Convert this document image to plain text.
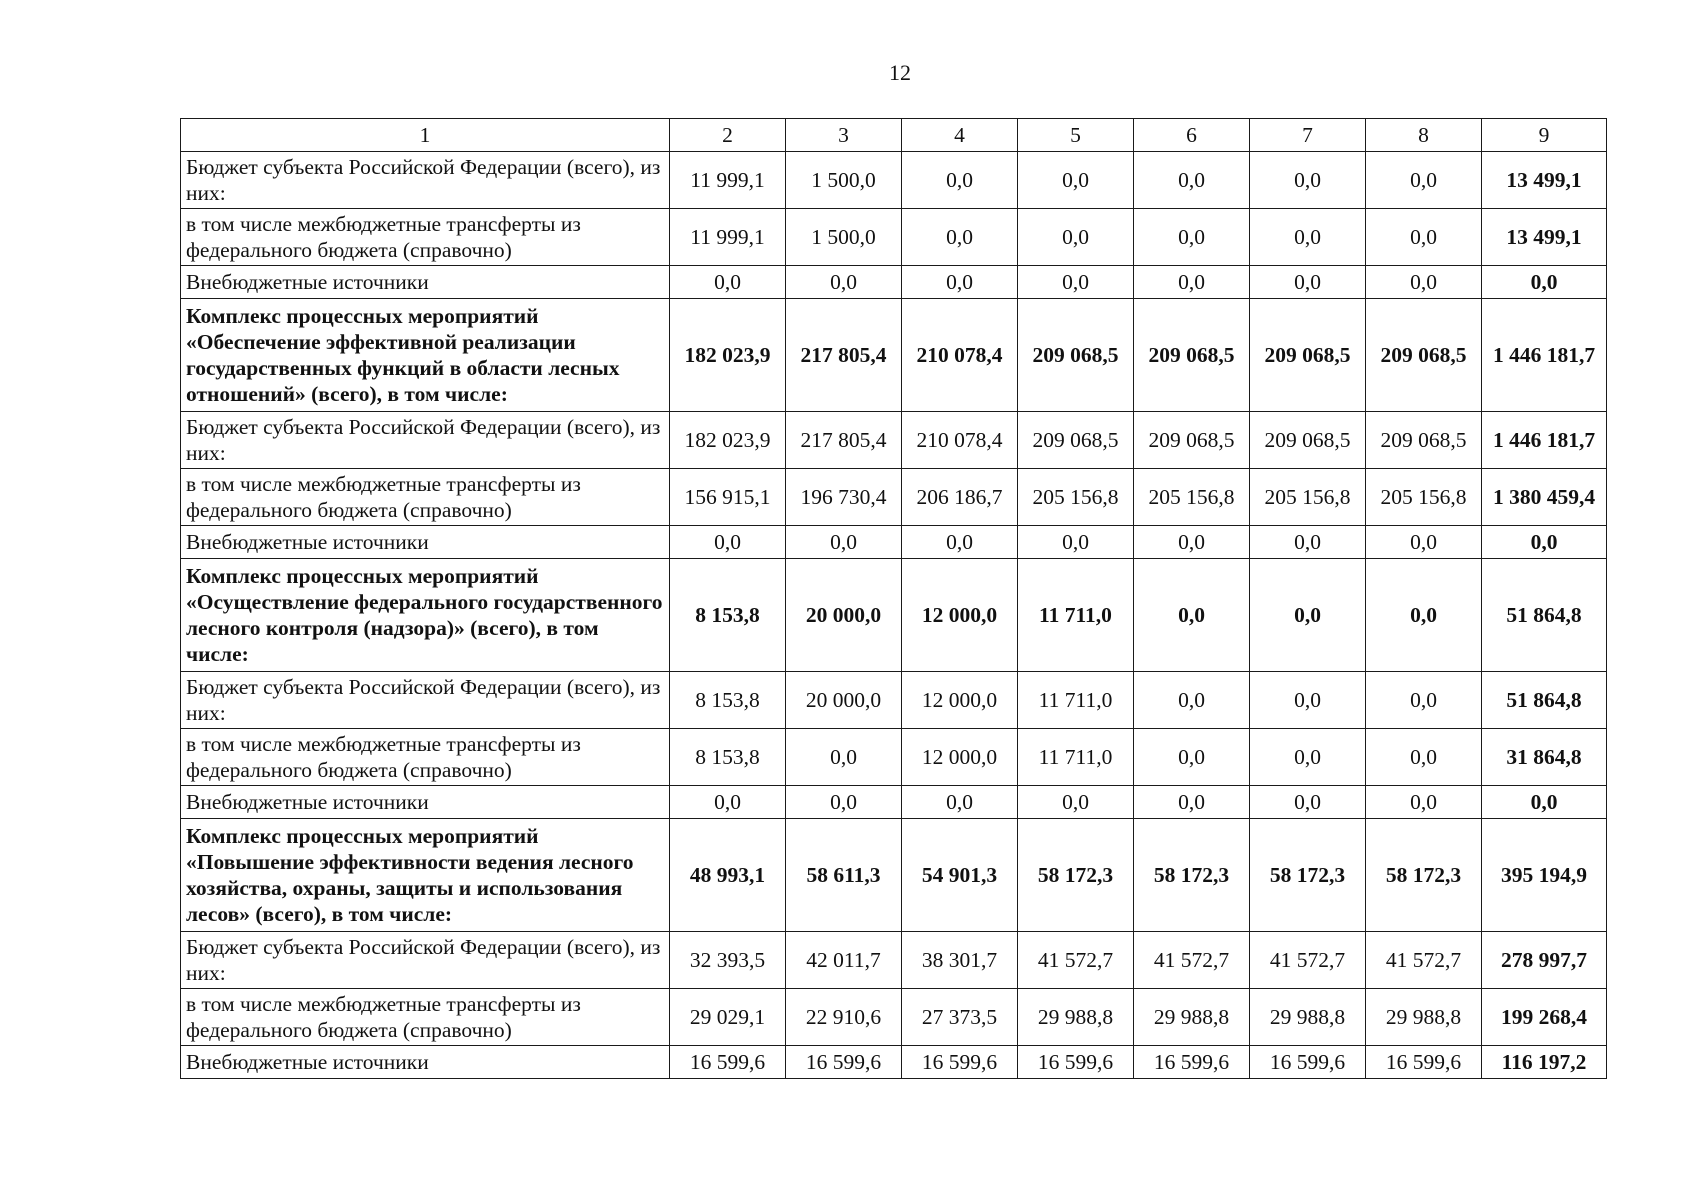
12
1	2	3	4	5	6	7	8	9
Бюджет субъекта Российской Федерации (всего), из них:	11 999,1	1 500,0	0,0	0,0	0,0	0,0	0,0	13 499,1
в том числе межбюджетные трансферты из федерального бюджета (справочно)	11 999,1	1 500,0	0,0	0,0	0,0	0,0	0,0	13 499,1
Внебюджетные источники	0,0	0,0	0,0	0,0	0,0	0,0	0,0	0,0
Комплекс процессных мероприятий «Обеспечение эффективной реализации государственных функций в области лесных отношений» (всего), в том числе:	182 023,9	217 805,4	210 078,4	209 068,5	209 068,5	209 068,5	209 068,5	1 446 181,7
Бюджет субъекта Российской Федерации (всего), из них:	182 023,9	217 805,4	210 078,4	209 068,5	209 068,5	209 068,5	209 068,5	1 446 181,7
в том числе межбюджетные трансферты из федерального бюджета (справочно)	156 915,1	196 730,4	206 186,7	205 156,8	205 156,8	205 156,8	205 156,8	1 380 459,4
Внебюджетные источники	0,0	0,0	0,0	0,0	0,0	0,0	0,0	0,0
Комплекс процессных мероприятий «Осуществление федерального государственного лесного контроля (надзора)» (всего), в том числе:	8 153,8	20 000,0	12 000,0	11 711,0	0,0	0,0	0,0	51 864,8
Бюджет субъекта Российской Федерации (всего), из них:	8 153,8	20 000,0	12 000,0	11 711,0	0,0	0,0	0,0	51 864,8
в том числе межбюджетные трансферты из федерального бюджета (справочно)	8 153,8	0,0	12 000,0	11 711,0	0,0	0,0	0,0	31 864,8
Внебюджетные источники	0,0	0,0	0,0	0,0	0,0	0,0	0,0	0,0
Комплекс процессных мероприятий «Повышение эффективности ведения лесного хозяйства, охраны, защиты и использования лесов» (всего), в том числе:	48 993,1	58 611,3	54 901,3	58 172,3	58 172,3	58 172,3	58 172,3	395 194,9
Бюджет субъекта Российской Федерации (всего), из них:	32 393,5	42 011,7	38 301,7	41 572,7	41 572,7	41 572,7	41 572,7	278 997,7
в том числе межбюджетные трансферты из федерального бюджета (справочно)	29 029,1	22 910,6	27 373,5	29 988,8	29 988,8	29 988,8	29 988,8	199 268,4
Внебюджетные источники	16 599,6	16 599,6	16 599,6	16 599,6	16 599,6	16 599,6	16 599,6	116 197,2
